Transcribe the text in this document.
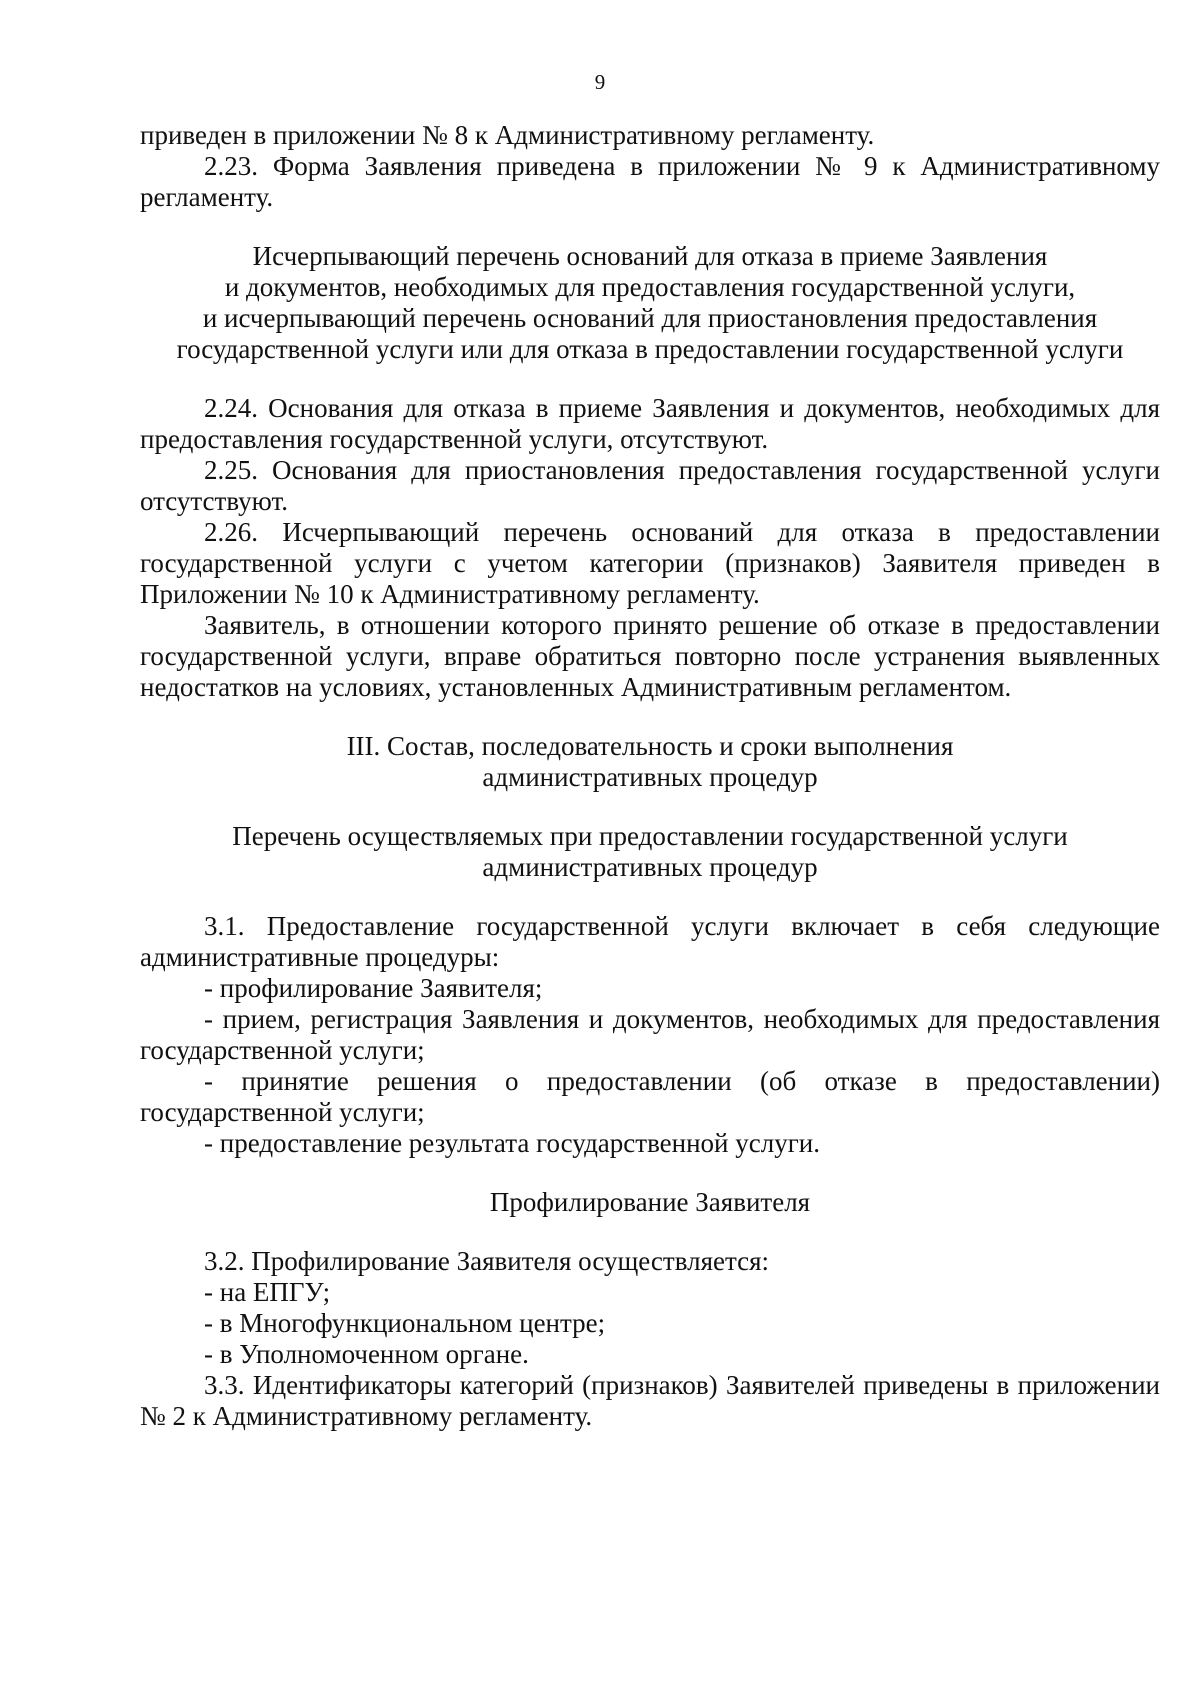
9

приведен в приложении № 8 к Административному регламенту.

2.23. Форма Заявления приведена в приложении № 9 к Административному регламенту.

Исчерпывающий перечень оснований для отказа в приеме Заявления

и документов, необходимых для предоставления государственной услуги,

и исчерпывающий перечень оснований для приостановления предоставления

государственной услуги или для отказа в предоставлении государственной услуги

2.24. Основания для отказа в приеме Заявления и документов, необходимых для предоставления государственной услуги, отсутствуют.

2.25. Основания для приостановления предоставления государственной услуги отсутствуют.

2.26. Исчерпывающий перечень оснований для отказа в предоставлении государственной услуги с учетом категории (признаков) Заявителя приведен в Приложении № 10 к Административному регламенту.

Заявитель, в отношении которого принято решение об отказе в предоставлении государственной услуги, вправе обратиться повторно после устранения выявленных недостатков на условиях, установленных Административным регламентом.

III. Состав, последовательность и сроки выполнения

административных процедур

Перечень осуществляемых при предоставлении государственной услуги

административных процедур

3.1. Предоставление государственной услуги включает в себя следующие административные процедуры:

- профилирование Заявителя;

- прием, регистрация Заявления и документов, необходимых для предоставления государственной услуги;

- принятие решения о предоставлении (об отказе в предоставлении) государственной услуги;

- предоставление результата государственной услуги.

Профилирование Заявителя

3.2. Профилирование Заявителя осуществляется:

- на ЕПГУ;

- в Многофункциональном центре;

- в Уполномоченном органе.

3.3. Идентификаторы категорий (признаков) Заявителей приведены в приложении № 2 к Административному регламенту.
